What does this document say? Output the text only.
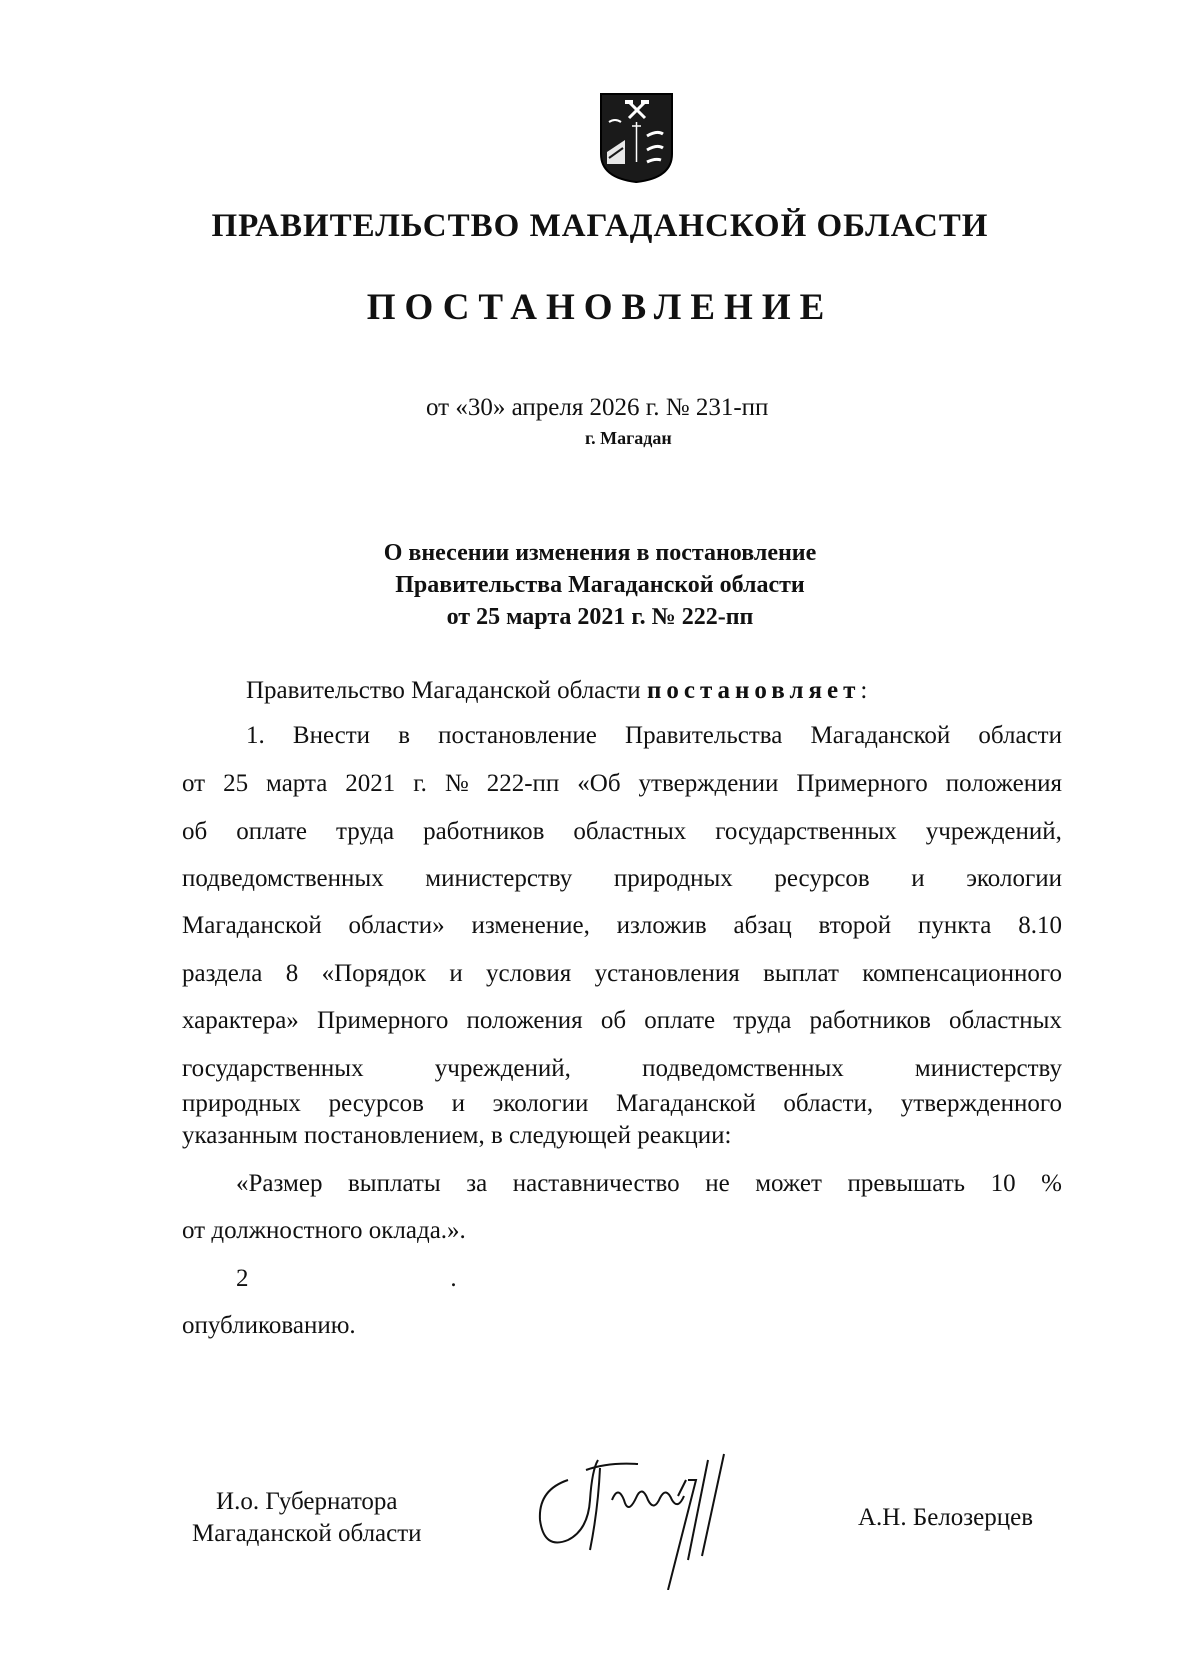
ПРАВИТЕЛЬСТВО МАГАДАНСКОЙ ОБЛАСТИ
ПОСТАНОВЛЕНИЕ
от «30» апреля 2026 г. № 231-пп
г. Магадан
О внесении изменения в постановление
Правительства Магаданской области
от 25 марта 2021 г. № 222-пп
Правительство Магаданской области постановляет:
1. Внести в постановление Правительства Магаданской области
от 25 марта 2021 г. № 222-пп «Об утверждении Примерного положения
об оплате труда работников областных государственных учреждений,
подведомственных министерству природных ресурсов и экологии
Магаданской области» изменение, изложив абзац второй пункта 8.10
раздела 8 «Порядок и условия установления выплат компенсационного
характера» Примерного положения об оплате труда работников областных
государственных	учреждений,	подведомственных	министерству
природных ресурсов и экологии Магаданской области, утвержденного
указанным постановлением, в следующей реакции:
«Размер выплаты за наставничество не может превышать 10 %
от должностного оклада.».
2	.
опубликованию.
И.о. Губернатора
Магаданской области
А.Н. Белозерцев
